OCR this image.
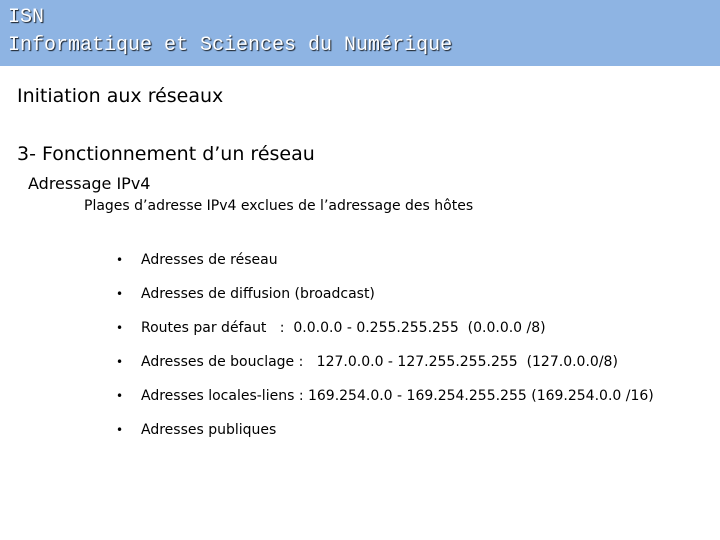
ISN
Informatique et Sciences du Numérique
Initiation aux réseaux
3- Fonctionnement d’un réseau
Adressage IPv4
Plages d’adresse IPv4 exclues de l’adressage des hôtes
•	Adresses de réseau
•	Adresses de diffusion (broadcast)
•	Routes par défaut   :  0.0.0.0 - 0.255.255.255  (0.0.0.0 /8)
•	Adresses de bouclage :   127.0.0.0 - 127.255.255.255  (127.0.0.0/8)
•	Adresses locales-liens : 169.254.0.0 - 169.254.255.255 (169.254.0.0 /16)
•	Adresses publiques
